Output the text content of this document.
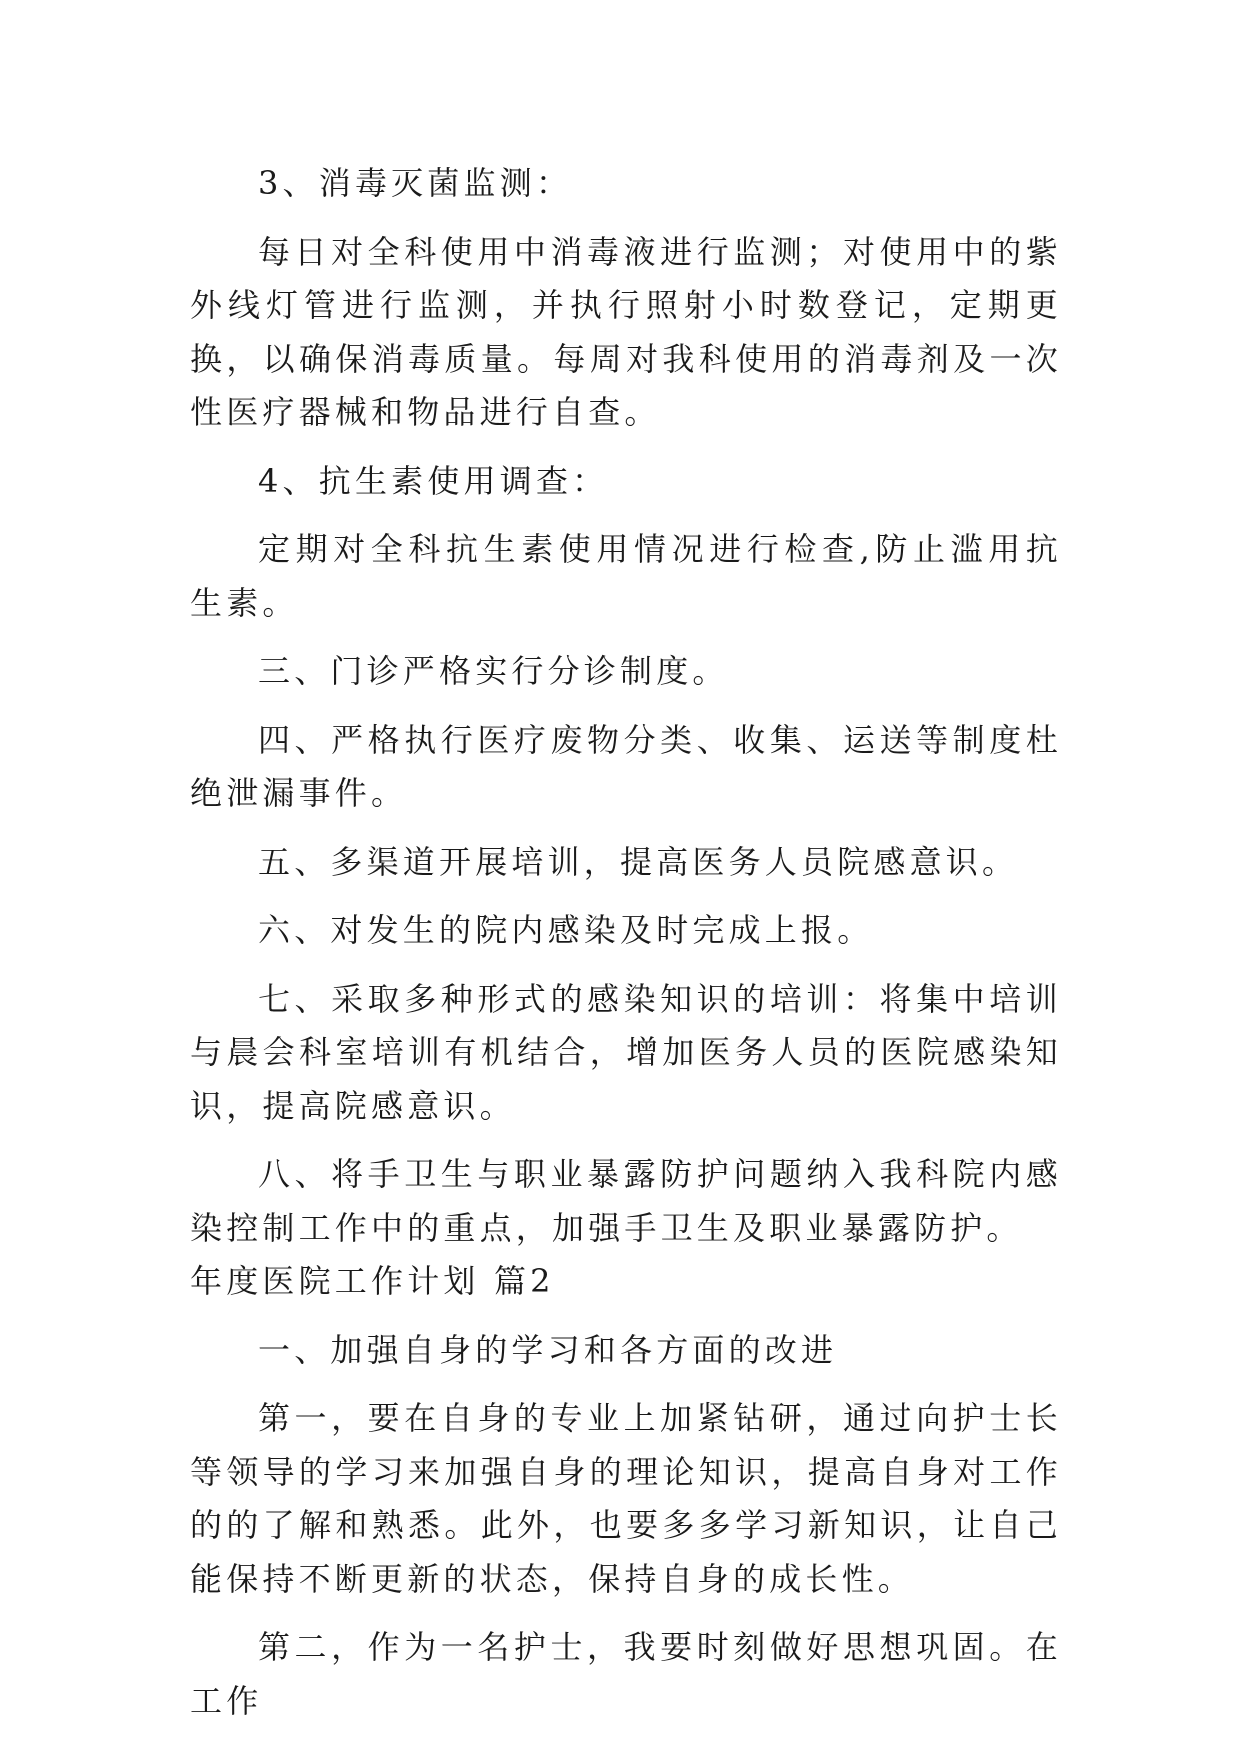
3、消毒灭菌监测：

每日对全科使用中消毒液进行监测；对使用中的紫外线灯管进行监测，并执行照射小时数登记，定期更换，以确保消毒质量。每周对我科使用的消毒剂及一次性医疗器械和物品进行自查。

4、抗生素使用调查：

定期对全科抗生素使用情况进行检查,防止滥用抗生素。

三、门诊严格实行分诊制度。

四、严格执行医疗废物分类、收集、运送等制度杜绝泄漏事件。

五、多渠道开展培训，提高医务人员院感意识。

六、对发生的院内感染及时完成上报。

七、采取多种形式的感染知识的培训：将集中培训与晨会科室培训有机结合，增加医务人员的医院感染知识，提高院感意识。

八、将手卫生与职业暴露防护问题纳入我科院内感染控制工作中的重点，加强手卫生及职业暴露防护。

年度医院工作计划 篇2

一、加强自身的学习和各方面的改进

第一，要在自身的专业上加紧钻研，通过向护士长等领导的学习来加强自身的理论知识，提高自身对工作的的了解和熟悉。此外，也要多多学习新知识，让自己能保持不断更新的状态，保持自身的成长性。

第二，作为一名护士，我要时刻做好思想巩固。在工作
